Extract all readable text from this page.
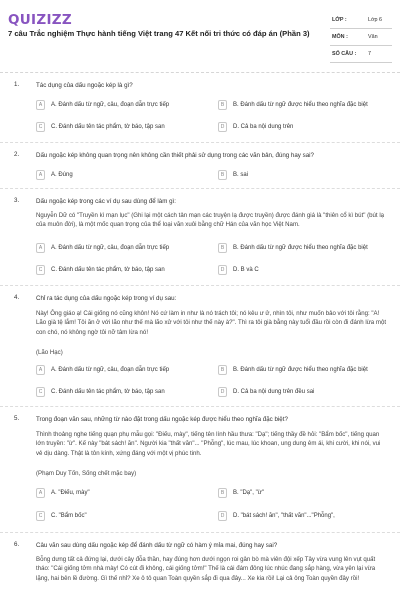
QUIZIZZ
7 câu Trắc nghiệm Thực hành tiếng Việt trang 47 Kết nối tri thức có đáp án (Phần 3)
LỚP :	Lớp 6
MÔN :	Văn
SỐ CÂU : 7
1.	Tác dụng của dấu ngoặc kép là gì?
A	A. Đánh dấu từ ngữ, câu, đoạn dẫn trực tiếp	B	B. Đánh dấu từ ngữ được hiểu theo nghĩa đặc biệt
C	C. Đánh dấu tên tác phẩm, tờ báo, tập san	D	D. Cả ba nội dung trên
2.	Dấu ngoặc kép không quan trọng nên không cần thiết phải sử dụng trong các văn bản, đúng hay sai?
A	A. Đúng	B	B. sai
3.	Dấu ngoặc kép trong các ví dụ sau dùng để làm gì:
Nguyễn Dữ có "Truyền kì mạn lục" (Ghi lại một cách tản mạn các truyện lạ được truyền) được đánh giá là "thiên cổ kì bút" (bút lạ của muôn đời), là một mốc quan trọng của thể loại văn xuôi bằng chữ Hán của văn học Việt Nam.
A	A. Đánh dấu từ ngữ, câu, đoạn dẫn trực tiếp	B	B. Đánh dấu từ ngữ được hiểu theo nghĩa đặc biệt
C	C. Đánh dấu tên tác phẩm, tờ báo, tập san	D	D. B và C
4.	Chỉ ra tác dụng của dấu ngoặc kép trong ví dụ sau:
Này! Ông giáo ạ! Cái giống nó cũng khôn! Nó cứ làm in như là nó trách tôi; nó kêu ư ử, nhìn tôi, như muốn bảo với tôi rằng: "A! Lão già tệ lắm! Tôi ăn ở với lão như thế mà lão xử với tôi như thế này à?". Thì ra tôi già bằng này tuổi đầu rồi còn đi đánh lừa một con chó, nó không ngờ tôi nỡ tâm lừa nó!
(Lão Hạc)
A	A. Đánh dấu từ ngữ, câu, đoạn dẫn trực tiếp	B	B. Đánh dấu từ ngữ được hiểu theo nghĩa đặc biệt
C	C. Đánh dấu tên tác phẩm, tờ báo, tập san	D	D. Cả ba nội dung trên đều sai
5.	Trong đoạn văn sau, những từ nào đặt trong dấu ngoặc kép được hiểu theo nghĩa đặc biệt?
Thình thoảng nghe tiếng quạn phụ mẫu gọi: "Điếu, mày", tiếng tên lính hầu thưa: "Dạ"; tiếng thầy đề hỏi: "Bẩm bốc", tiếng quan lớn truyền: "ừ". Kế này "bát sách! ăn". Người kia "thất văn"... "Phỗng", lúc mau, lúc khoan, ung dung êm ái, khi cười, khi nói, vui vẻ dịu dàng. Thật là tôn kính, xứng đáng với một vị phúc tinh.
(Phạm Duy Tốn, Sống chết mặc bay)
A	A. "Điếu, mày"	B	B. "Dạ", "ừ"
C	C. "Bẩm bốc"	D	D. "bát sách! ăn", "thất văn"..."Phỗng",
6.	Câu văn sau dùng dấu ngoặc kép để đánh dấu từ ngữ có hàm ý mỉa mai, đúng hay sai?
Bỗng dưng tất cả đứng lại, dưới cây đỗa thần, hay đúng hơn dưới ngọn roi gân bò mà viên đội xếp Tây vừa vung lên vụt quất tháo: "Cái giống tởm nhà mày! Có cút đi không, cái giống tởm!" Thế là cái đám đông lúc nhúc đang sắp hàng, vừa yên lại vừa lặng, hai bên lề đường. Gì thế nhỉ? Xe ô tô quan Toàn quyền sắp đi qua đây... Xe kia rồi! Lại cả ông Toàn quyền đây rồi!
